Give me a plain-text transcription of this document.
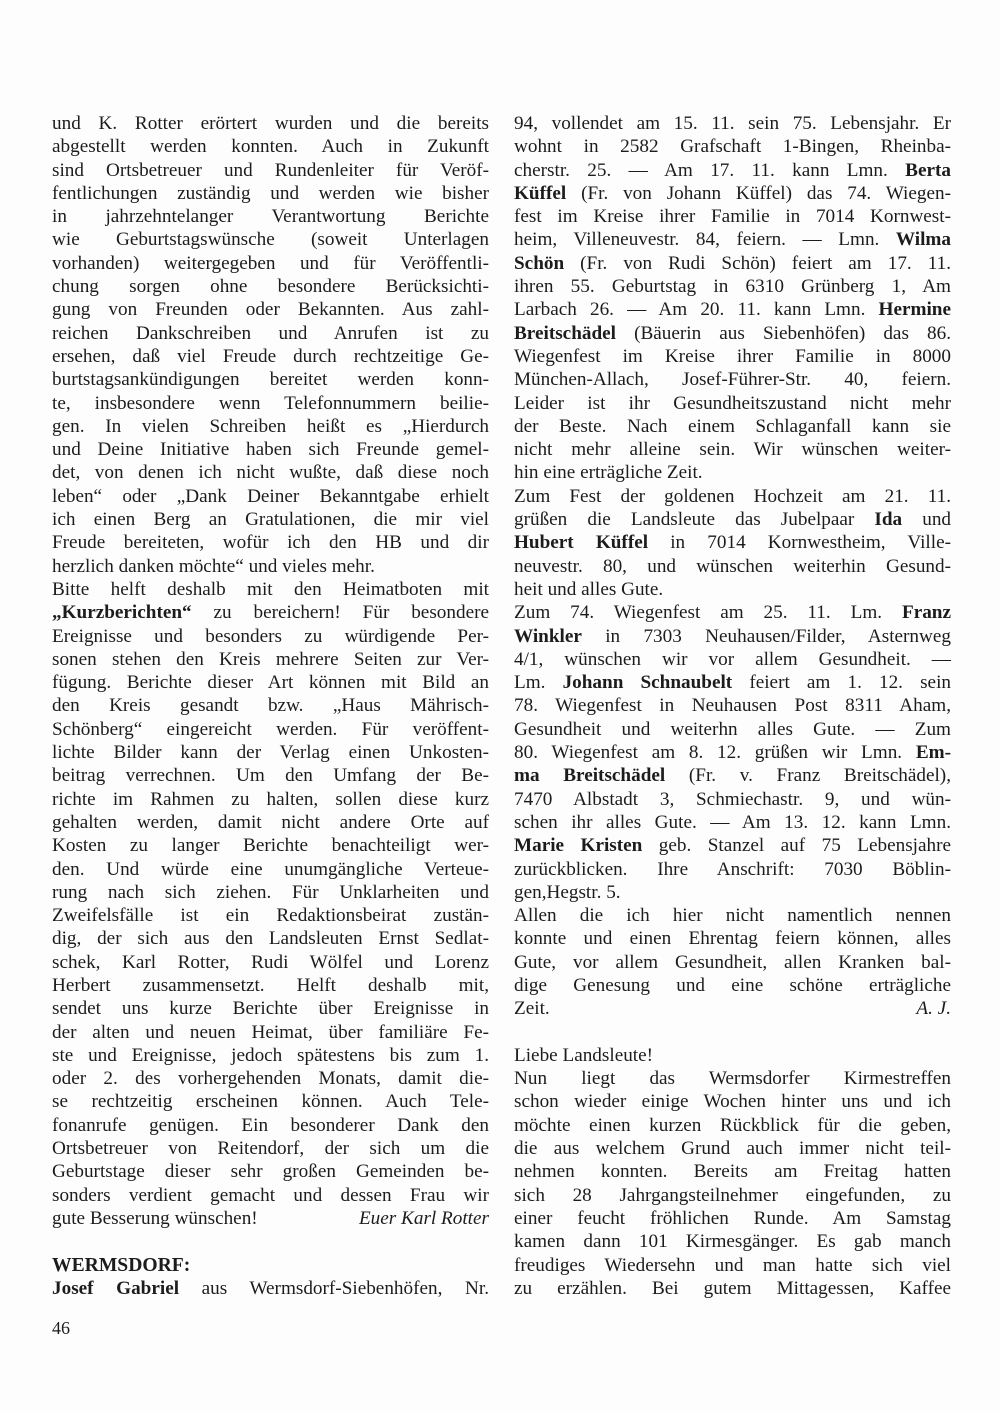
und K. Rotter erörtert wurden und die bereits
abgestellt werden konnten. Auch in Zukunft
sind Ortsbetreuer und Rundenleiter für Veröf-
fentlichungen zuständig und werden wie bisher
in jahrzehntelanger Verantwortung Berichte
wie Geburtstagswünsche (soweit Unterlagen
vorhanden) weitergegeben und für Veröffentli-
chung sorgen ohne besondere Berücksichti-
gung von Freunden oder Bekannten. Aus zahl-
reichen Dankschreiben und Anrufen ist zu
ersehen, daß viel Freude durch rechtzeitige Ge-
burtstagsankündigungen bereitet werden konn-
te, insbesondere wenn Telefonnummern beilie-
gen. In vielen Schreiben heißt es „Hierdurch
und Deine Initiative haben sich Freunde gemel-
det, von denen ich nicht wußte, daß diese noch
leben“ oder „Dank Deiner Bekanntgabe erhielt
ich einen Berg an Gratulationen, die mir viel
Freude bereiteten, wofür ich den HB und dir
herzlich danken möchte“ und vieles mehr.
Bitte helft deshalb mit den Heimatboten mit
„Kurzberichten“ zu bereichern! Für besondere
Ereignisse und besonders zu würdigende Per-
sonen stehen den Kreis mehrere Seiten zur Ver-
fügung. Berichte dieser Art können mit Bild an
den Kreis gesandt bzw. „Haus Mährisch-
Schönberg“ eingereicht werden. Für veröffent-
lichte Bilder kann der Verlag einen Unkosten-
beitrag verrechnen. Um den Umfang der Be-
richte im Rahmen zu halten, sollen diese kurz
gehalten werden, damit nicht andere Orte auf
Kosten zu langer Berichte benachteiligt wer-
den. Und würde eine unumgängliche Verteue-
rung nach sich ziehen. Für Unklarheiten und
Zweifelsfälle ist ein Redaktionsbeirat zustän-
dig, der sich aus den Landsleuten Ernst Sedlat-
schek, Karl Rotter, Rudi Wölfel und Lorenz
Herbert zusammensetzt. Helft deshalb mit,
sendet uns kurze Berichte über Ereignisse in
der alten und neuen Heimat, über familiäre Fe-
ste und Ereignisse, jedoch spätestens bis zum 1.
oder 2. des vorhergehenden Monats, damit die-
se rechtzeitig erscheinen können. Auch Tele-
fonanrufe genügen. Ein besonderer Dank den
Ortsbetreuer von Reitendorf, der sich um die
Geburtstage dieser sehr großen Gemeinden be-
sonders verdient gemacht und dessen Frau wir
gute Besserung wünschen!	Euer Karl Rotter
WERMSDORF:
Josef Gabriel aus Wermsdorf-Siebenhöfen, Nr.
94, vollendet am 15. 11. sein 75. Lebensjahr. Er
wohnt in 2582 Grafschaft 1-Bingen, Rheinba-
cherstr. 25. — Am 17. 11. kann Lmn. Berta
Küffel (Fr. von Johann Küffel) das 74. Wiegen-
fest im Kreise ihrer Familie in 7014 Kornwest-
heim, Villeneuvestr. 84, feiern. — Lmn. Wilma
Schön (Fr. von Rudi Schön) feiert am 17. 11.
ihren 55. Geburtstag in 6310 Grünberg 1, Am
Larbach 26. — Am 20. 11. kann Lmn. Hermine
Breitschädel (Bäuerin aus Siebenhöfen) das 86.
Wiegenfest im Kreise ihrer Familie in 8000
München-Allach, Josef-Führer-Str. 40, feiern.
Leider ist ihr Gesundheitszustand nicht mehr
der Beste. Nach einem Schlaganfall kann sie
nicht mehr alleine sein. Wir wünschen weiter-
hin eine erträgliche Zeit.
Zum Fest der goldenen Hochzeit am 21. 11.
grüßen die Landsleute das Jubelpaar Ida und
Hubert Küffel in 7014 Kornwestheim, Ville-
neuvestr. 80, und wünschen weiterhin Gesund-
heit und alles Gute.
Zum 74. Wiegenfest am 25. 11. Lm. Franz
Winkler in 7303 Neuhausen/Filder, Asternweg
4/1, wünschen wir vor allem Gesundheit. —
Lm. Johann Schnaubelt feiert am 1. 12. sein
78. Wiegenfest in Neuhausen Post 8311 Aham,
Gesundheit und weiterhn alles Gute. — Zum
80. Wiegenfest am 8. 12. grüßen wir Lmn. Em-
ma Breitschädel (Fr. v. Franz Breitschädel),
7470 Albstadt 3, Schmiechastr. 9, und wün-
schen ihr alles Gute. — Am 13. 12. kann Lmn.
Marie Kristen geb. Stanzel auf 75 Lebensjahre
zurückblicken. Ihre Anschrift: 7030 Böblin-
gen,Hegstr. 5.
Allen die ich hier nicht namentlich nennen
konnte und einen Ehrentag feiern können, alles
Gute, vor allem Gesundheit, allen Kranken bal-
dige Genesung und eine schöne erträgliche
Zeit.	A. J.
Liebe Landsleute!
Nun liegt das Wermsdorfer Kirmestreffen
schon wieder einige Wochen hinter uns und ich
möchte einen kurzen Rückblick für die geben,
die aus welchem Grund auch immer nicht teil-
nehmen konnten. Bereits am Freitag hatten
sich 28 Jahrgangsteilnehmer eingefunden, zu
einer feucht fröhlichen Runde. Am Samstag
kamen dann 101 Kirmesgänger. Es gab manch
freudiges Wiedersehn und man hatte sich viel
zu erzählen. Bei gutem Mittagessen, Kaffee
46
